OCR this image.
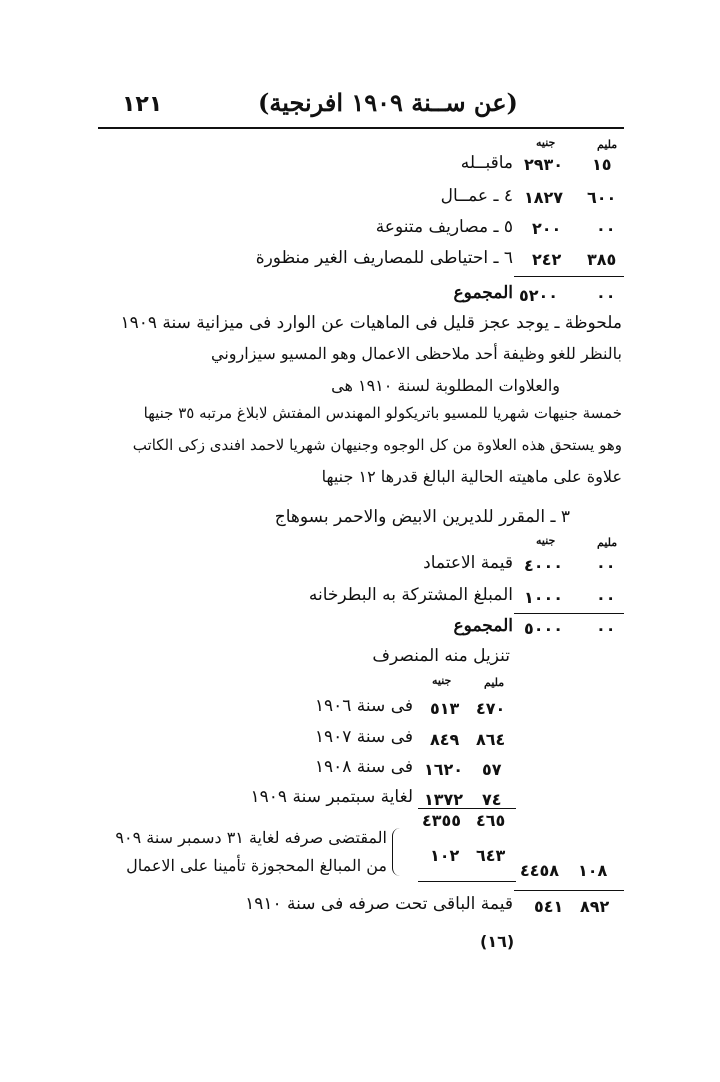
١٢١	(عن ســنة ١٩٠٩ افرنجية)
مليم
جنيه
١٥
٢٩٣٠
ماقبــله
٦٠٠
١٨٢٧
٤ ـ عمــال
٠٠
٢٠٠
٥ ـ مصاريف متنوعة
٣٨٥
٢٤٢
٦ ـ احتياطى للمصاريف الغير منظورة
٠٠
٥٢٠٠
المجموع
ملحوظة ـ يوجد عجز قليل فى الماهيات عن الوارد فى ميزانية سنة ١٩٠٩
بالنظر للغو وظيفة أحد ملاحظى الاعمال وهو المسيو سيزاروني
والعلاوات المطلوبة لسنة ١٩١٠ هى
خمسة جنيهات شهريا للمسيو باتريكولو المهندس المفتش لابلاغ مرتبه ٣٥ جنيها
وهو يستحق هذه العلاوة من كل الوجوه وجنيهان شهريا لاحمد افندى زكى الكاتب
علاوة على ماهيته الحالية البالغ قدرها ١٢ جنيها
٣ ـ المقرر للديرين الابيض والاحمر بسوهاج
مليم
جنيه
٠٠
٤٠٠٠
قيمة الاعتماد
٠٠
١٠٠٠
المبلغ المشتركة به البطرخانه
٠٠
٥٠٠٠
المجموع
تنزيل منه المنصرف
مليم
جنيه
٤٧٠
٥١٣
فى سنة ١٩٠٦
٨٦٤
٨٤٩
فى سنة ١٩٠٧
٥٧
١٦٢٠
فى سنة ١٩٠٨
٧٤
١٣٧٢
لغاية سبتمبر سنة ١٩٠٩
٤٦٥
٤٣٥٥
٦٤٣
١٠٢
المقتضى صرفه لغاية ٣١ دسمبر سنة ٩٠٩
من المبالغ المحجوزة تأمينا على الاعمال	١٠٨
٤٤٥٨
٨٩٢
٥٤١
قيمة الباقى تحت صرفه فى سنة ١٩١٠
(١٦)
